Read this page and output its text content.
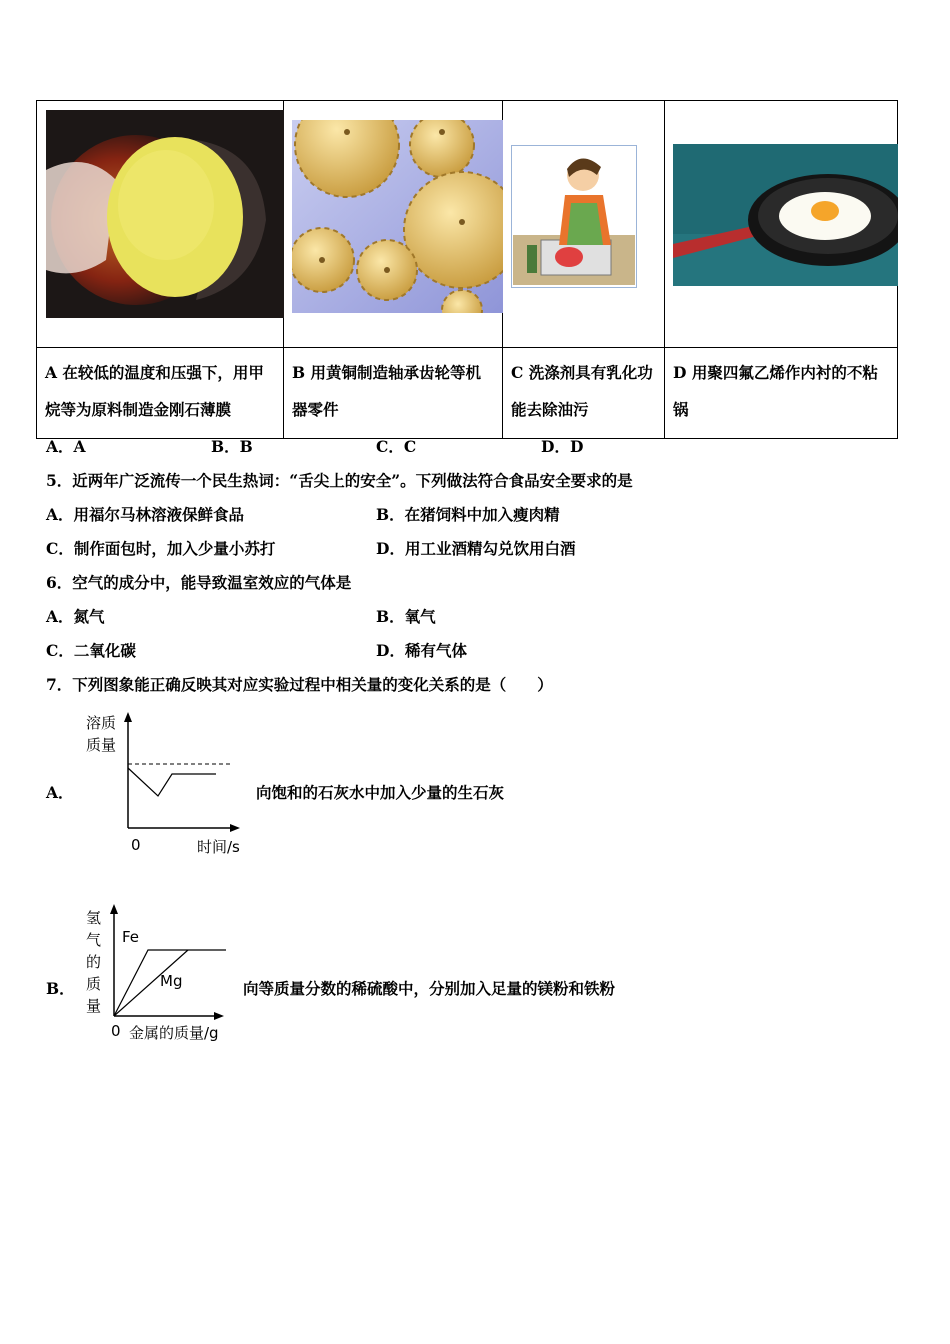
A 在较低的温度和压强下，用甲烷等为原料制造金刚石薄膜	B 用黄铜制造轴承齿轮等机器零件	C 洗涤剂具有乳化功能去除油污	D 用聚四氟乙烯作内衬的不粘锅
A．A	B．B	C．C	D．D
5．近两年广泛流传一个民生热词：“舌尖上的安全”。下列做法符合食品安全要求的是
A．用福尔马林溶液保鲜食品	B．在猪饲料中加入瘦肉精
C．制作面包时，加入少量小苏打	D．用工业酒精勾兑饮用白酒
6．空气的成分中，能导致温室效应的气体是
A．氮气	B．氧气
C．二氧化碳	D．稀有气体
7．下列图象能正确反映其对应实验过程中相关量的变化关系的是（　　）
A．
溶质
质量
0	时间/s
向饱和的石灰水中加入少量的生石灰
B．
氢
气
的
质
量
Fe
Mg
0 金属的质量/g
向等质量分数的稀硫酸中，分别加入足量的镁粉和铁粉
